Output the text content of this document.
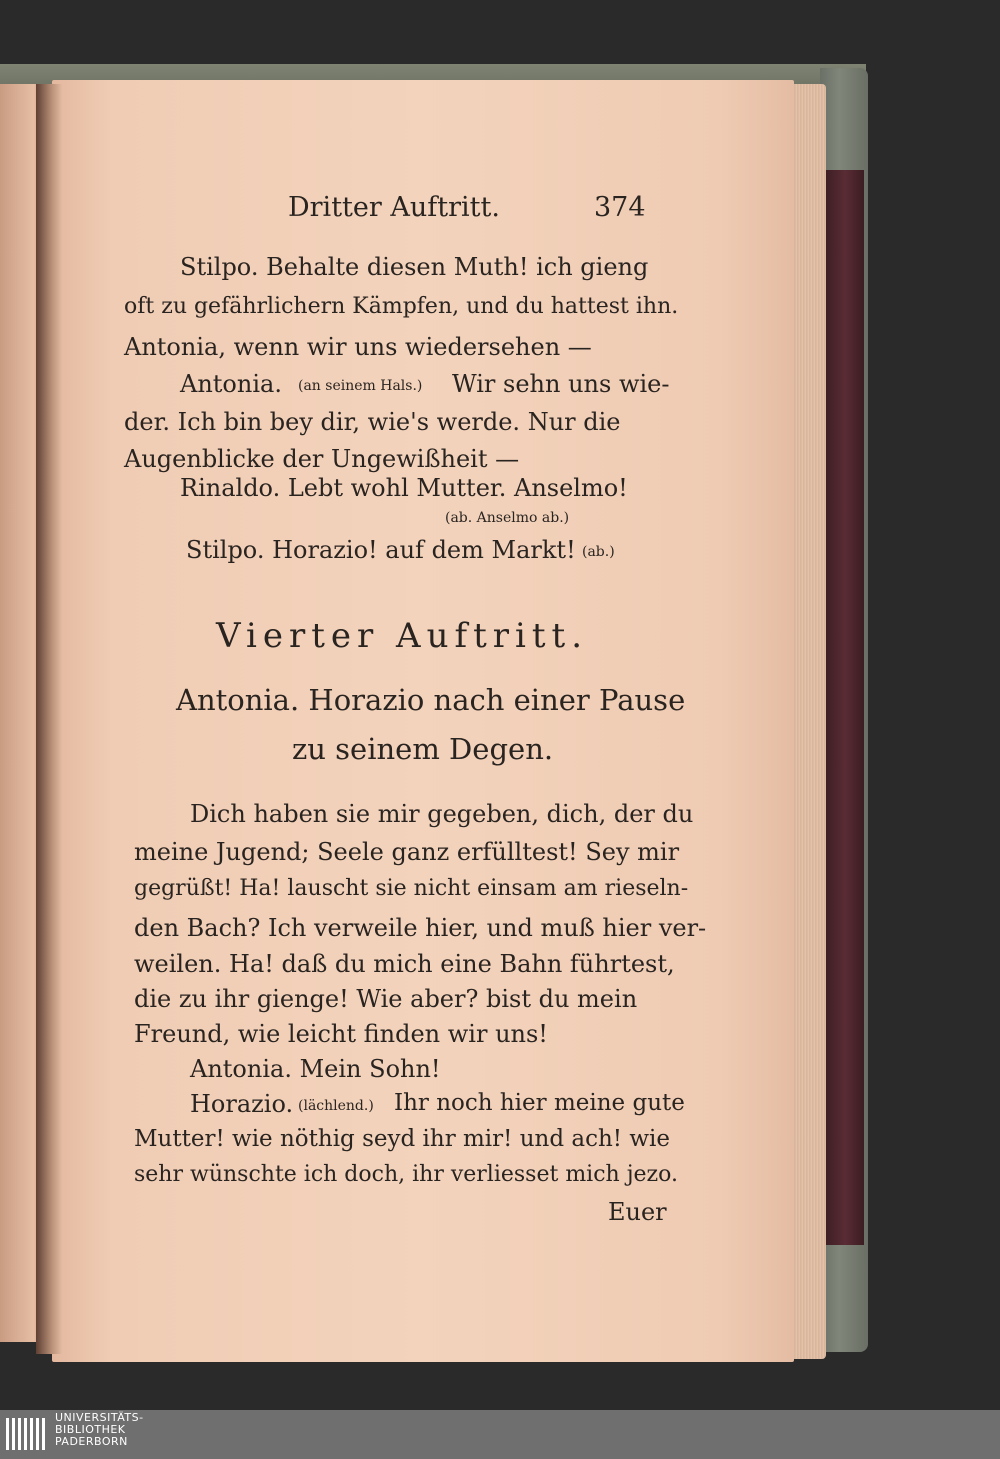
Dritter Auftritt.	374
Stilpo. Behalte diesen Muth! ich gieng
oft zu gefährlichern Kämpfen, und du hattest ihn.
Antonia, wenn wir uns wiedersehen —
Antonia. (an seinem Hals.) Wir sehn uns wie-
der. Ich bin bey dir, wie's werde. Nur die
Augenblicke der Ungewißheit —
Rinaldo. Lebt wohl Mutter. Anselmo!
(ab. Anselmo ab.)
Stilpo. Horazio! auf dem Markt! (ab.)
Vierter Auftritt.
Antonia. Horazio nach einer Pause
zu seinem Degen.
Dich haben sie mir gegeben, dich, der du
meine Jugend; Seele ganz erfülltest! Sey mir
gegrüßt! Ha! lauscht sie nicht einsam am rieseln-
den Bach? Ich verweile hier, und muß hier ver-
weilen. Ha! daß du mich eine Bahn führtest,
die zu ihr gienge! Wie aber? bist du mein
Freund, wie leicht finden wir uns!
Antonia. Mein Sohn!
Horazio. (lächlend.) Ihr noch hier meine gute
Mutter! wie nöthig seyd ihr mir! und ach! wie
sehr wünschte ich doch, ihr verliesset mich jezo.
Euer
UNIVERSITÄTS-
BIBLIOTHEK
PADERBORN
